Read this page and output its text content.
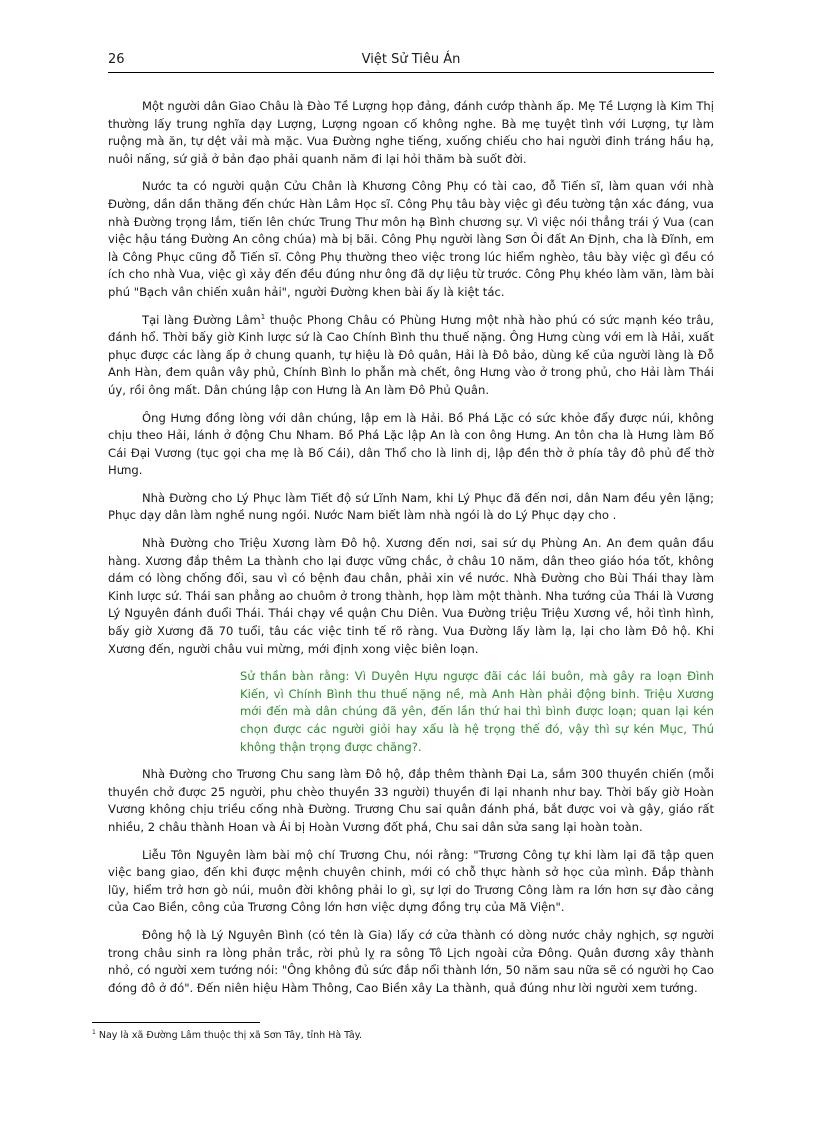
26	Việt Sử Tiêu Án

Một người dân Giao Châu là Đào Tề Lượng họp đảng, đánh cướp thành ấp. Mẹ Tề Lượng là Kim Thị thường lấy trung nghĩa dạy Lượng, Lượng ngoan cố không nghe. Bà mẹ tuyệt tình với Lượng, tự làm ruộng mà ăn, tự dệt vải mà mặc. Vua Đường nghe tiếng, xuống chiếu cho hai người đinh tráng hầu hạ, nuôi nấng, sứ giả ở bản đạo phải quanh năm đi lại hỏi thăm bà suốt đời.

Nước ta có người quận Cửu Chân là Khương Công Phụ có tài cao, đỗ Tiến sĩ, làm quan với nhà Đường, dần dần thăng đến chức Hàn Lâm Học sĩ. Công Phụ tâu bày việc gì đều tường tận xác đáng, vua nhà Đường trọng lắm, tiến lên chức Trung Thư môn hạ Bình chương sự. Vì việc nói thẳng trái ý Vua (can việc hậu táng Đường An công chúa) mà bị bãi. Công Phụ người làng Sơn Ôi đất An Định, cha là Đĩnh, em là Công Phục cũng đỗ Tiến sĩ. Công Phụ thường theo việc trong lúc hiểm nghèo, tâu bày việc gì đều có ích cho nhà Vua, việc gì xảy đến đều đúng như ông đã dự liệu từ trước. Công Phụ khéo làm văn, làm bài phú "Bạch vân chiến xuân hải", người Đường khen bài ấy là kiệt tác.

Tại làng Đường Lâm$^1$ thuộc Phong Châu có Phùng Hưng một nhà hào phú có sức mạnh kéo trâu, đánh hổ. Thời bấy giờ Kinh lược sứ là Cao Chính Bình thu thuế nặng. Ông Hưng cùng với em là Hải, xuất phục được các làng ấp ở chung quanh, tự hiệu là Đô quân, Hải là Đô bảo, dùng kế của người làng là Đỗ Anh Hàn, đem quân vây phủ, Chính Bình lo phẫn mà chết, ông Hưng vào ở trong phủ, cho Hải làm Thái úy, rồi ông mất. Dân chúng lập con Hưng là An làm Đô Phủ Quân.

Ông Hưng đồng lòng với dân chúng, lập em là Hải. Bồ Phá Lặc có sức khỏe đẩy được núi, không chịu theo Hải, lánh ở động Chu Nham. Bồ Phá Lặc lập An là con ông Hưng. An tôn cha là Hưng làm Bố Cái Đại Vương (tục gọi cha mẹ là Bố Cái), dân Thổ cho là linh dị, lập đền thờ ở phía tây đô phủ để thờ Hưng.

Nhà Đường cho Lý Phục làm Tiết độ sứ Lĩnh Nam, khi Lý Phục đã đến nơi, dân Nam đều yên lặng; Phục dạy dân làm nghề nung ngói. Nước Nam biết làm nhà ngói là do Lý Phục dạy cho .

Nhà Đường cho Triệu Xương làm Đô hộ. Xương đến nơi, sai sứ dụ Phùng An. An đem quân đầu hàng. Xương đắp thêm La thành cho lại được vững chắc, ở châu 10 năm, dân theo giáo hóa tốt, không dám có lòng chống đối, sau vì có bệnh đau chân, phải xin về nước. Nhà Đường cho Bùi Thái thay làm Kinh lược sứ. Thái san phẳng ao chuôm ở trong thành, họp làm một thành. Nha tướng của Thái là Vương Lý Nguyên đánh đuổi Thái. Thái chạy về quận Chu Diên. Vua Đường triệu Triệu Xương về, hỏi tình hình, bấy giờ Xương đã 70 tuổi, tâu các việc tinh tế rõ ràng. Vua Đường lấy làm lạ, lại cho làm Đô hộ. Khi Xương đến, người châu vui mừng, mới định xong việc biên loạn.

Sử thần bàn rằng: Vì Duyên Hựu ngược đãi các lái buôn, mà gây ra loạn Đình Kiến, vì Chính Bình thu thuế nặng nề, mà Anh Hàn phải động binh. Triệu Xương mới đến mà dân chúng đã yên, đến lần thứ hai thì bình được loạn; quan lại kén chọn được các người giỏi hay xấu là hệ trọng thế đó, vậy thì sự kén Mục, Thú không thận trọng được chăng?.

Nhà Đường cho Trương Chu sang làm Đô hộ, đắp thêm thành Đại La, sắm 300 thuyền chiến (mỗi thuyền chở được 25 người, phu chèo thuyền 33 người) thuyền đi lại nhanh như bay. Thời bấy giờ Hoàn Vương không chịu triều cống nhà Đường. Trương Chu sai quân đánh phá, bắt được voi và gậy, giáo rất nhiều, 2 châu thành Hoan và Ái bị Hoàn Vương đốt phá, Chu sai dân sửa sang lại hoàn toàn.

Liễu Tôn Nguyên làm bài mộ chí Trương Chu, nói rằng: "Trương Công tự khi làm lại đã tập quen việc bang giao, đến khi được mệnh chuyên chinh, mới có chỗ thực hành sở học của mình. Đắp thành lũy, hiểm trở hơn gò núi, muôn đời không phải lo gì, sự lợi do Trương Công làm ra lớn hơn sự đào cảng của Cao Biền, công của Trương Công lớn hơn việc dựng đồng trụ của Mã Viện".

Đông hộ là Lý Nguyên Bình (có tên là Gia) lấy cớ cửa thành có dòng nước chảy nghịch, sợ người trong châu sinh ra lòng phản trắc, rời phủ lỵ ra sông Tô Lịch ngoài cửa Đông. Quân đương xây thành nhỏ, có người xem tướng nói: "Ông không đủ sức đắp nổi thành lớn, 50 năm sau nữa sẽ có người họ Cao đóng đô ở đó". Đến niên hiệu Hàm Thông, Cao Biền xây La thành, quả đúng như lời người xem tướng.

$^1$ Nay là xã Đường Lâm thuộc thị xã Sơn Tây, tỉnh Hà Tây.
